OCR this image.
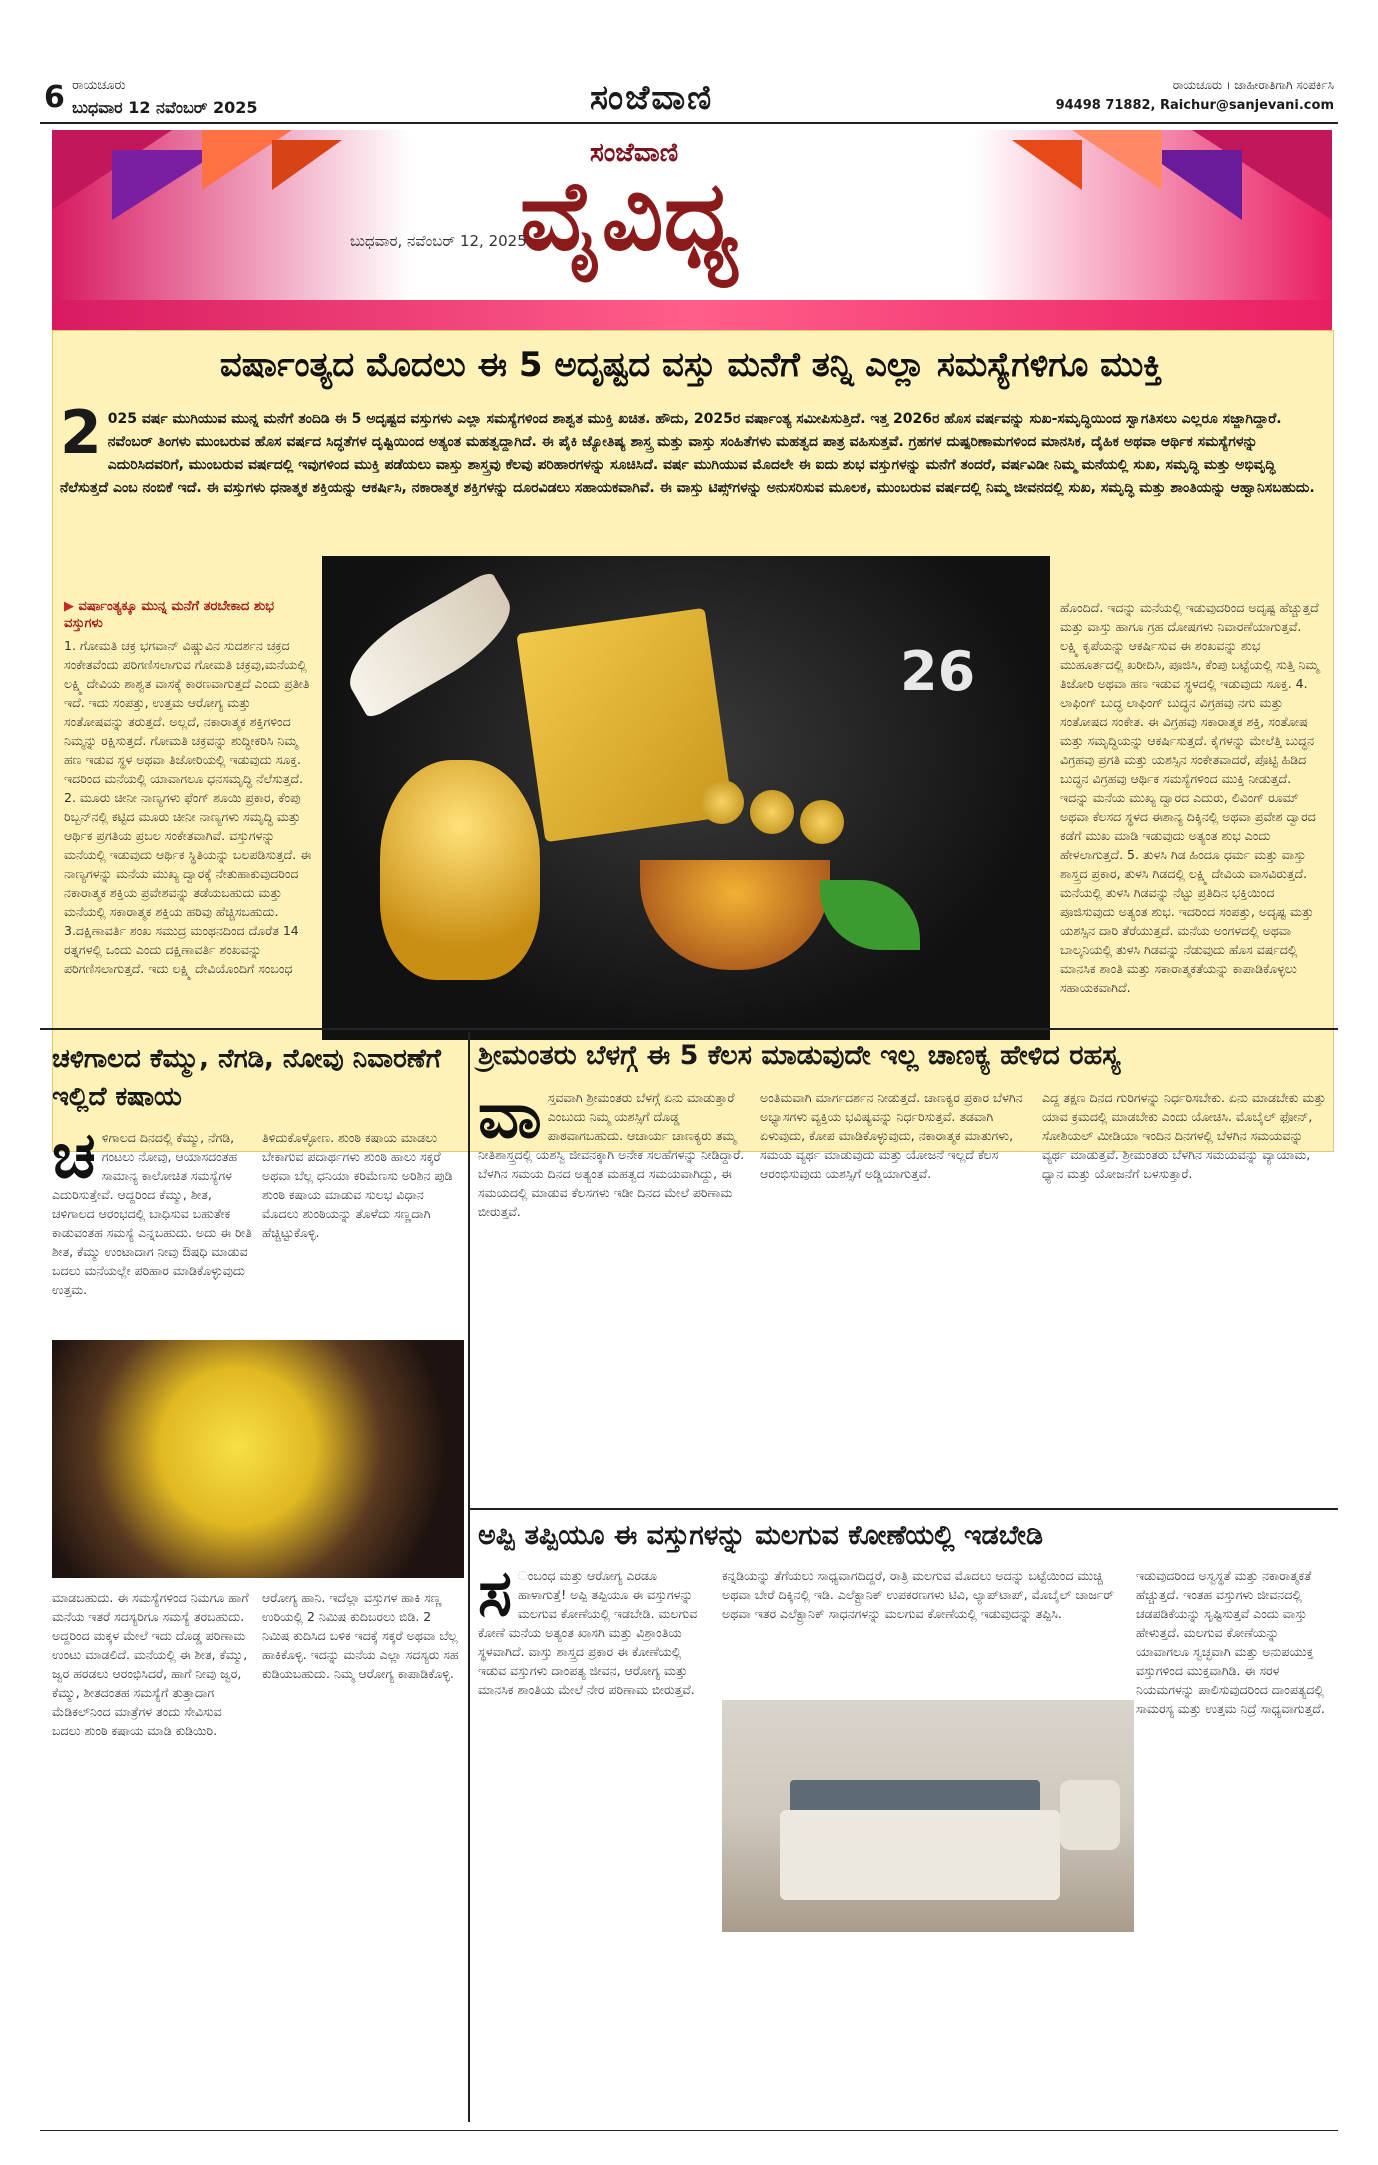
6 ರಾಯಚೂರು
ಬುಧವಾರ 12 ನವೆಂಬರ್ 2025	ಸಂಜೆವಾಣಿ	ರಾಯಚೂರು । ಜಾಹೀರಾತಿಗಾಗಿ ಸಂಪರ್ಕಿಸಿ
94498 71882, Raichur@sanjevani.com
ಸಂಜೆವಾಣಿ
ವೈವಿಧ್ಯ
ಬುಧವಾರ, ನವೆಂಬರ್ 12, 2025
ವರ್ಷಾಂತ್ಯದ ಮೊದಲು ಈ 5 ಅದೃಷ್ಟದ ವಸ್ತು ಮನೆಗೆ ತನ್ನಿ ಎಲ್ಲಾ ಸಮಸ್ಯೆಗಳಿಗೂ ಮುಕ್ತಿ
2 025 ವರ್ಷ ಮುಗಿಯುವ ಮುನ್ನ ಮನೆಗೆ ತಂದಿಡಿ ಈ 5 ಅದೃಷ್ಟದ ವಸ್ತುಗಳು ಎಲ್ಲಾ ಸಮಸ್ಯೆಗಳಿಂದ ಶಾಶ್ವತ ಮುಕ್ತಿ ಖಚಿತ. ಹೌದು, 2025ರ ವರ್ಷಾಂತ್ಯ ಸಮೀಪಿಸುತ್ತಿದೆ. ಇತ್ತ 2026ರ ಹೊಸ ವರ್ಷವನ್ನು ಸುಖ-ಸಮೃದ್ಧಿಯಿಂದ ಸ್ವಾಗತಿಸಲು ಎಲ್ಲರೂ ಸಜ್ಜಾಗಿದ್ದಾರೆ. ನವೆಂಬರ್ ತಿಂಗಳು ಮುಂಬರುವ ಹೊಸ ವರ್ಷದ ಸಿದ್ಧತೆಗಳ ದೃಷ್ಟಿಯಿಂದ ಅತ್ಯಂತ ಮಹತ್ವದ್ದಾಗಿದೆ. ಈ ಪೈಕಿ ಜ್ಯೋತಿಷ್ಯ ಶಾಸ್ತ್ರ ಮತ್ತು ವಾಸ್ತು ಸಂಹಿತೆಗಳು ಮಹತ್ವದ ಪಾತ್ರ ವಹಿಸುತ್ತವೆ. ಗ್ರಹಗಳ ದುಷ್ಪರಿಣಾಮಗಳಿಂದ ಮಾನಸಿಕ, ದೈಹಿಕ ಅಥವಾ ಆರ್ಥಿಕ ಸಮಸ್ಯೆಗಳನ್ನು ಎದುರಿಸಿದವರಿಗೆ, ಮುಂಬರುವ ವರ್ಷದಲ್ಲಿ ಇವುಗಳಿಂದ ಮುಕ್ತಿ ಪಡೆಯಲು ವಾಸ್ತು ಶಾಸ್ತ್ರವು ಕೆಲವು ಪರಿಹಾರಗಳನ್ನು ಸೂಚಿಸಿದೆ. ವರ್ಷ ಮುಗಿಯುವ ಮೊದಲೇ ಈ ಐದು ಶುಭ ವಸ್ತುಗಳನ್ನು ಮನೆಗೆ ತಂದರೆ, ವರ್ಷವಿಡೀ ನಿಮ್ಮ ಮನೆಯಲ್ಲಿ ಸುಖ, ಸಮೃದ್ಧಿ ಮತ್ತು ಅಭಿವೃದ್ಧಿ ನೆಲೆಸುತ್ತದೆ ಎಂಬ ನಂಬಿಕೆ ಇದೆ. ಈ ವಸ್ತುಗಳು ಧನಾತ್ಮಕ ಶಕ್ತಿಯನ್ನು ಆಕರ್ಷಿಸಿ, ನಕಾರಾತ್ಮಕ ಶಕ್ತಿಗಳನ್ನು ದೂರವಿಡಲು ಸಹಾಯಕವಾಗಿವೆ. ಈ ವಾಸ್ತು ಟಿಪ್ಸ್‌ಗಳನ್ನು ಅನುಸರಿಸುವ ಮೂಲಕ, ಮುಂಬರುವ ವರ್ಷದಲ್ಲಿ ನಿಮ್ಮ ಜೀವನದಲ್ಲಿ ಸುಖ, ಸಮೃದ್ಧಿ ಮತ್ತು ಶಾಂತಿಯನ್ನು ಆಹ್ವಾನಿಸಬಹುದು.
▶ ವರ್ಷಾಂತ್ಯಕ್ಕೂ ಮುನ್ನ ಮನೆಗೆ ತರಬೇಕಾದ ಶುಭ ವಸ್ತುಗಳು
1. ಗೋಮತಿ ಚಕ್ರ ಭಗವಾನ್ ವಿಷ್ಣುವಿನ ಸುದರ್ಶನ ಚಕ್ರದ ಸಂಕೇತವೆಂದು ಪರಿಗಣಿಸಲಾಗುವ ಗೋಮತಿ ಚಕ್ರವು,ಮನೆಯಲ್ಲಿ ಲಕ್ಷ್ಮಿ ದೇವಿಯ ಶಾಶ್ವತ ವಾಸಕ್ಕೆ ಕಾರಣವಾಗುತ್ತದೆ ಎಂದು ಪ್ರತೀತಿ ಇದೆ. ಇದು ಸಂಪತ್ತು, ಉತ್ತಮ ಆರೋಗ್ಯ ಮತ್ತು ಸಂತೋಷವನ್ನು ತರುತ್ತದೆ. ಅಲ್ಲದೆ, ನಕಾರಾತ್ಮಕ ಶಕ್ತಿಗಳಿಂದ ನಿಮ್ಮನ್ನು ರಕ್ಷಿಸುತ್ತದೆ. ಗೋಮತಿ ಚಕ್ರವನ್ನು ಶುದ್ಧೀಕರಿಸಿ ನಿಮ್ಮ ಹಣ ಇಡುವ ಸ್ಥಳ ಅಥವಾ ತಿಜೋರಿಯಲ್ಲಿ ಇಡುವುದು ಸೂಕ್ತ. ಇದರಿಂದ ಮನೆಯಲ್ಲಿ ಯಾವಾಗಲೂ ಧನಸಮೃದ್ಧಿ ನೆಲೆಸುತ್ತದೆ. 2. ಮೂರು ಚೀನೀ ನಾಣ್ಯಗಳು ಫೆಂಗ್ ಶೂಯಿ ಪ್ರಕಾರ, ಕೆಂಪು ರಿಬ್ಬನ್‌ನಲ್ಲಿ ಕಟ್ಟಿದ ಮೂರು ಚೀನೀ ನಾಣ್ಯಗಳು ಸಮೃದ್ಧಿ ಮತ್ತು ಆರ್ಥಿಕ ಪ್ರಗತಿಯ ಪ್ರಬಲ ಸಂಕೇತವಾಗಿವೆ. ವಸ್ತುಗಳನ್ನು ಮನೆಯಲ್ಲಿ ಇಡುವುದು ಆರ್ಥಿಕ ಸ್ಥಿತಿಯನ್ನು ಬಲಪಡಿಸುತ್ತದೆ. ಈ ನಾಣ್ಯಗಳನ್ನು ಮನೆಯ ಮುಖ್ಯ ದ್ವಾರಕ್ಕೆ ನೇತುಹಾಕುವುದರಿಂದ ನಕಾರಾತ್ಮಕ ಶಕ್ತಿಯ ಪ್ರವೇಶವನ್ನು ತಡೆಯಬಹುದು ಮತ್ತು ಮನೆಯಲ್ಲಿ ಸಕಾರಾತ್ಮಕ ಶಕ್ತಿಯ ಹರಿವು ಹೆಚ್ಚಿಸಬಹುದು. 3.ದಕ್ಷಿಣಾವರ್ತಿ ಶಂಖ ಸಮುದ್ರ ಮಂಥನದಿಂದ ದೊರೆತ 14 ರತ್ನಗಳಲ್ಲಿ ಒಂದು ಎಂದು ದಕ್ಷಿಣಾವರ್ತಿ ಶಂಖವನ್ನು ಪರಿಗಣಿಸಲಾಗುತ್ತದೆ. ಇದು ಲಕ್ಷ್ಮಿ ದೇವಿಯೊಂದಿಗೆ ಸಂಬಂಧ
ಹೊಂದಿದೆ. ಇದನ್ನು ಮನೆಯಲ್ಲಿ ಇಡುವುದರಿಂದ ಅದೃಷ್ಟ ಹೆಚ್ಚುತ್ತದೆ ಮತ್ತು ವಾಸ್ತು ಹಾಗೂ ಗ್ರಹ ದೋಷಗಳು ನಿವಾರಣೆಯಾಗುತ್ತವೆ. ಲಕ್ಷ್ಮಿ ಕೃಪೆಯನ್ನು ಆಕರ್ಷಿಸುವ ಈ ಶಂಖವನ್ನು ಶುಭ ಮುಹೂರ್ತದಲ್ಲಿ ಖರೀದಿಸಿ, ಪೂಜಿಸಿ, ಕೆಂಪು ಬಟ್ಟೆಯಲ್ಲಿ ಸುತ್ತಿ ನಿಮ್ಮ ತಿಜೋರಿ ಅಥವಾ ಹಣ ಇಡುವ ಸ್ಥಳದಲ್ಲಿ ಇಡುವುದು ಸೂಕ್ತ. 4. ಲಾಫಿಂಗ್ ಬುದ್ಧ ಲಾಫಿಂಗ್ ಬುದ್ಧನ ವಿಗ್ರಹವು ನಗು ಮತ್ತು ಸಂತೋಷದ ಸಂಕೇತ. ಈ ವಿಗ್ರಹವು ಸಕಾರಾತ್ಮಕ ಶಕ್ತಿ, ಸಂತೋಷ ಮತ್ತು ಸಮೃದ್ಧಿಯನ್ನು ಆಕರ್ಷಿಸುತ್ತದೆ. ಕೈಗಳನ್ನು ಮೇಲೆತ್ತಿ ಬುದ್ಧನ ವಿಗ್ರಹವು ಪ್ರಗತಿ ಮತ್ತು ಯಶಸ್ಸಿನ ಸಂಕೇತವಾದರೆ, ಪೊಟ್ಟಿ ಹಿಡಿದ ಬುದ್ಧನ ವಿಗ್ರಹವು ಆರ್ಥಿಕ ಸಮಸ್ಯೆಗಳಿಂದ ಮುಕ್ತಿ ನೀಡುತ್ತದೆ. ಇದನ್ನು ಮನೆಯ ಮುಖ್ಯ ದ್ವಾರದ ಎದುರು, ಲಿವಿಂಗ್ ರೂಮ್ ಅಥವಾ ಕೆಲಸದ ಸ್ಥಳದ ಈಶಾನ್ಯ ದಿಕ್ಕಿನಲ್ಲಿ ಅಥವಾ ಪ್ರವೇಶ ದ್ವಾರದ ಕಡೆಗೆ ಮುಖ ಮಾಡಿ ಇಡುವುದು ಅತ್ಯಂತ ಶುಭ ಎಂದು ಹೇಳಲಾಗುತ್ತದೆ. 5. ತುಳಸಿ ಗಿಡ ಹಿಂದೂ ಧರ್ಮ ಮತ್ತು ವಾಸ್ತು ಶಾಸ್ತ್ರದ ಪ್ರಕಾರ, ತುಳಸಿ ಗಿಡದಲ್ಲಿ ಲಕ್ಷ್ಮಿ ದೇವಿಯ ವಾಸವಿರುತ್ತದೆ. ಮನೆಯಲ್ಲಿ ತುಳಸಿ ಗಿಡವನ್ನು ನೆಟ್ಟು ಪ್ರತಿದಿನ ಭಕ್ತಿಯಿಂದ ಪೂಜಿಸುವುದು ಅತ್ಯಂತ ಶುಭ. ಇದರಿಂದ ಸಂಪತ್ತು, ಅದೃಷ್ಟ ಮತ್ತು ಯಶಸ್ಸಿನ ದಾರಿ ತೆರೆಯುತ್ತದೆ. ಮನೆಯ ಅಂಗಳದಲ್ಲಿ ಅಥವಾ ಬಾಲ್ಕನಿಯಲ್ಲಿ ತುಳಸಿ ಗಿಡವನ್ನು ನೆಡುವುದು ಹೊಸ ವರ್ಷದಲ್ಲಿ ಮಾನಸಿಕ ಶಾಂತಿ ಮತ್ತು ಸಕಾರಾತ್ಮಕತೆಯನ್ನು ಕಾಪಾಡಿಕೊಳ್ಳಲು ಸಹಾಯಕವಾಗಿದೆ.
26
ಚಳಿಗಾಲದ ಕೆಮ್ಮು, ನೆಗಡಿ, ನೋವು ನಿವಾರಣೆಗೆ ಇಲ್ಲಿದೆ ಕಷಾಯ
ಚ ಳಿಗಾಲದ ದಿನದಲ್ಲಿ ಕೆಮ್ಮು, ನೆಗಡಿ, ಗಂಟಲು ನೋವು, ಆಯಾಸದಂತಹ ಸಾಮಾನ್ಯ ಕಾಲೋಚಿತ ಸಮಸ್ಯೆಗಳ ಎದುರಿಸುತ್ತೇವೆ. ಆದ್ದರಿಂದ ಕೆಮ್ಮು, ಶೀತ, ಚಳಿಗಾಲದ ಆರಂಭದಲ್ಲಿ ಬಾಧಿಸುವ ಬಹುತೇಕ ಕಾಡುವಂತಹ ಸಮಸ್ಯೆ ಎನ್ನಬಹುದು. ಅದು ಈ ರೀತಿ ಶೀತ, ಕೆಮ್ಮು ಉಂಟಾದಾಗ ನೀವು ಔಷಧಿ ಮಾಡುವ ಬದಲು ಮನೆಯಲ್ಲೇ ಪರಿಹಾರ ಮಾಡಿಕೊಳ್ಳುವುದು ಉತ್ತಮ.
ತಿಳಿದುಕೊಳ್ಳೋಣ. ಶುಂಠಿ ಕಷಾಯ ಮಾಡಲು ಬೇಕಾಗುವ ಪದಾರ್ಥಗಳು ಶುಂಠಿ ಹಾಲು ಸಕ್ಕರೆ ಅಥವಾ ಬೆಲ್ಲ ಧನಿಯಾ ಕರಿಮೆಣಸು ಅರಿಶಿನ ಪುಡಿ ಶುಂಠಿ ಕಷಾಯ ಮಾಡುವ ಸುಲಭ ವಿಧಾನ ಮೊದಲು ಶುಂಠಿಯನ್ನು ತೊಳೆದು ಸಣ್ಣದಾಗಿ ಹೆಚ್ಚಿಟ್ಟುಕೊಳ್ಳಿ.
ಮಾಡಬಹುದು. ಈ ಸಮಸ್ಯೆಗಳಿಂದ ನಿಮಗೂ ಹಾಗೆ ಮನೆಯ ಇತರೆ ಸದಸ್ಯರಿಗೂ ಸಮಸ್ಯೆ ತರಬಹುದು. ಅದ್ದರಿಂದ ಮಕ್ಕಳ ಮೇಲೆ ಇದು ದೊಡ್ಡ ಪರಿಣಾಮ ಉಂಟು ಮಾಡಲಿದೆ. ಮನೆಯಲ್ಲಿ ಈ ಶೀತ, ಕೆಮ್ಮು, ಜ್ವರ ಹರಡಲು ಆರಂಭಿಸಿದರೆ, ಹಾಗೆ ನೀವು ಜ್ವರ, ಕೆಮ್ಮು, ಶೀತದಂತಹ ಸಮಸ್ಯೆಗೆ ತುತ್ತಾದಾಗ ಮೆಡಿಕಲ್‌ನಿಂದ ಮಾತ್ರೆಗಳ ತಂದು ಸೇವಿಸುವ ಬದಲು ಶುಂಠಿ ಕಷಾಯ ಮಾಡಿ ಕುಡಿಯಿರಿ.
ಆರೋಗ್ಯ ಹಾನಿ. ಇದೆಲ್ಲಾ ವಸ್ತುಗಳ ಹಾಕಿ ಸಣ್ಣ ಉರಿಯಲ್ಲಿ 2 ನಿಮಿಷ ಕುದಿಬರಲು ಬಿಡಿ. 2 ನಿಮಿಷ ಕುದಿಸಿದ ಬಳಿಕ ಇದಕ್ಕೆ ಸಕ್ಕರೆ ಅಥವಾ ಬೆಲ್ಲ ಹಾಕಿಕೊಳ್ಳಿ. ಇದನ್ನು ಮನೆಯ ಎಲ್ಲಾ ಸದಸ್ಯರು ಸಹ ಕುಡಿಯಬಹುದು. ನಿಮ್ಮ ಆರೋಗ್ಯ ಕಾಪಾಡಿಕೊಳ್ಳಿ.
ಶ್ರೀಮಂತರು ಬೆಳಗ್ಗೆ ಈ 5 ಕೆಲಸ ಮಾಡುವುದೇ ಇಲ್ಲ ಚಾಣಕ್ಯ ಹೇಳಿದ ರಹಸ್ಯ
ವಾ ಸ್ತವವಾಗಿ ಶ್ರೀಮಂತರು ಬೆಳಗ್ಗೆ ಏನು ಮಾಡುತ್ತಾರೆ ಎಂಬುದು ನಿಮ್ಮ ಯಶಸ್ಸಿಗೆ ದೊಡ್ಡ ಪಾಠವಾಗಬಹುದು. ಆಚಾರ್ಯ ಚಾಣಕ್ಯರು ತಮ್ಮ ನೀತಿಶಾಸ್ತ್ರದಲ್ಲಿ ಯಶಸ್ವಿ ಜೀವನಕ್ಕಾಗಿ ಅನೇಕ ಸಲಹೆಗಳನ್ನು ನೀಡಿದ್ದಾರೆ. ಬೆಳಗಿನ ಸಮಯ ದಿನದ ಅತ್ಯಂತ ಮಹತ್ವದ ಸಮಯವಾಗಿದ್ದು, ಈ ಸಮಯದಲ್ಲಿ ಮಾಡುವ ಕೆಲಸಗಳು ಇಡೀ ದಿನದ ಮೇಲೆ ಪರಿಣಾಮ ಬೀರುತ್ತವೆ.
ಅಂತಿಮವಾಗಿ ಮಾರ್ಗದರ್ಶನ ನೀಡುತ್ತದೆ. ಚಾಣಕ್ಯರ ಪ್ರಕಾರ ಬೆಳಗಿನ ಅಭ್ಯಾಸಗಳು ವ್ಯಕ್ತಿಯ ಭವಿಷ್ಯವನ್ನು ನಿರ್ಧರಿಸುತ್ತವೆ. ತಡವಾಗಿ ಏಳುವುದು, ಕೋಪ ಮಾಡಿಕೊಳ್ಳುವುದು, ನಕಾರಾತ್ಮಕ ಮಾತುಗಳು, ಸಮಯ ವ್ಯರ್ಥ ಮಾಡುವುದು ಮತ್ತು ಯೋಜನೆ ಇಲ್ಲದೆ ಕೆಲಸ ಆರಂಭಿಸುವುದು ಯಶಸ್ಸಿಗೆ ಅಡ್ಡಿಯಾಗುತ್ತವೆ.
ಎದ್ದ ತಕ್ಷಣ ದಿನದ ಗುರಿಗಳನ್ನು ನಿರ್ಧರಿಸಬೇಕು. ಏನು ಮಾಡಬೇಕು ಮತ್ತು ಯಾವ ಕ್ರಮದಲ್ಲಿ ಮಾಡಬೇಕು ಎಂದು ಯೋಚಿಸಿ. ಮೊಬೈಲ್ ಫೋನ್, ಸೋಶಿಯಲ್ ಮೀಡಿಯಾ ಇಂದಿನ ದಿನಗಳಲ್ಲಿ ಬೆಳಗಿನ ಸಮಯವನ್ನು ವ್ಯರ್ಥ ಮಾಡುತ್ತವೆ. ಶ್ರೀಮಂತರು ಬೆಳಗಿನ ಸಮಯವನ್ನು ವ್ಯಾಯಾಮ, ಧ್ಯಾನ ಮತ್ತು ಯೋಜನೆಗೆ ಬಳಸುತ್ತಾರೆ.
ಅಪ್ಪಿ ತಪ್ಪಿಯೂ ಈ ವಸ್ತುಗಳನ್ನು ಮಲಗುವ ಕೋಣೆಯಲ್ಲಿ ಇಡಬೇಡಿ
ಸ ಂಬಂಧ ಮತ್ತು ಆರೋಗ್ಯ ಎರಡೂ ಹಾಳಾಗುತ್ತೆ! ಅಪ್ಪಿ ತಪ್ಪಿಯೂ ಈ ವಸ್ತುಗಳನ್ನು ಮಲಗುವ ಕೋಣೆಯಲ್ಲಿ ಇಡಬೇಡಿ. ಮಲಗುವ ಕೋಣೆ ಮನೆಯ ಅತ್ಯಂತ ಖಾಸಗಿ ಮತ್ತು ವಿಶ್ರಾಂತಿಯ ಸ್ಥಳವಾಗಿದೆ. ವಾಸ್ತು ಶಾಸ್ತ್ರದ ಪ್ರಕಾರ ಈ ಕೋಣೆಯಲ್ಲಿ ಇಡುವ ವಸ್ತುಗಳು ದಾಂಪತ್ಯ ಜೀವನ, ಆರೋಗ್ಯ ಮತ್ತು ಮಾನಸಿಕ ಶಾಂತಿಯ ಮೇಲೆ ನೇರ ಪರಿಣಾಮ ಬೀರುತ್ತವೆ.
ಕನ್ನಡಿಯನ್ನು ತೆಗೆಯಲು ಸಾಧ್ಯವಾಗದಿದ್ದರೆ, ರಾತ್ರಿ ಮಲಗುವ ಮೊದಲು ಅದನ್ನು ಬಟ್ಟೆಯಿಂದ ಮುಚ್ಚಿ ಅಥವಾ ಬೇರೆ ದಿಕ್ಕಿನಲ್ಲಿ ಇಡಿ. ಎಲೆಕ್ಟ್ರಾನಿಕ್ ಉಪಕರಣಗಳು ಟಿವಿ, ಲ್ಯಾಪ್‌ಟಾಪ್, ಮೊಬೈಲ್ ಚಾರ್ಜರ್ ಅಥವಾ ಇತರ ಎಲೆಕ್ಟ್ರಾನಿಕ್ ಸಾಧನಗಳನ್ನು ಮಲಗುವ ಕೋಣೆಯಲ್ಲಿ ಇಡುವುದನ್ನು ತಪ್ಪಿಸಿ.
ಇಡುವುದರಿಂದ ಅಸ್ವಸ್ಥತೆ ಮತ್ತು ನಕಾರಾತ್ಮಕತೆ ಹೆಚ್ಚುತ್ತದೆ. ಇಂತಹ ವಸ್ತುಗಳು ಜೀವನದಲ್ಲಿ ಚಡಪಡಿಕೆಯನ್ನು ಸೃಷ್ಟಿಸುತ್ತವೆ ಎಂದು ವಾಸ್ತು ಹೇಳುತ್ತದೆ. ಮಲಗುವ ಕೋಣೆಯನ್ನು ಯಾವಾಗಲೂ ಸ್ವಚ್ಛವಾಗಿ ಮತ್ತು ಅನುಪಯುಕ್ತ ವಸ್ತುಗಳಿಂದ ಮುಕ್ತವಾಗಿಡಿ. ಈ ಸರಳ ನಿಯಮಗಳನ್ನು ಪಾಲಿಸುವುದರಿಂದ ದಾಂಪತ್ಯದಲ್ಲಿ ಸಾಮರಸ್ಯ ಮತ್ತು ಉತ್ತಮ ನಿದ್ರೆ ಸಾಧ್ಯವಾಗುತ್ತದೆ.
